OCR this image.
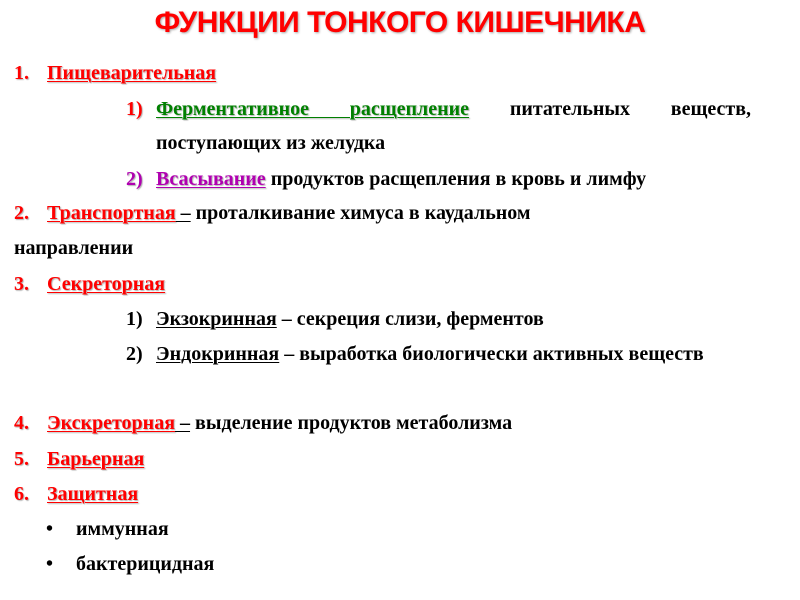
ФУНКЦИИ ТОНКОГО КИШЕЧНИКА
1. Пищеварительная
1) Ферментативное расщепление питательных веществ, поступающих из желудка
2) Всасывание продуктов расщепления в кровь и лимфу
2. Транспортная – проталкивание химуса в каудальном
направлении
3. Секреторная
1) Экзокринная – секреция слизи, ферментов
2) Эндокринная – выработка биологически активных веществ
4. Экскреторная – выделение продуктов метаболизма
5. Барьерная
6. Защитная
• иммунная
• бактерицидная
